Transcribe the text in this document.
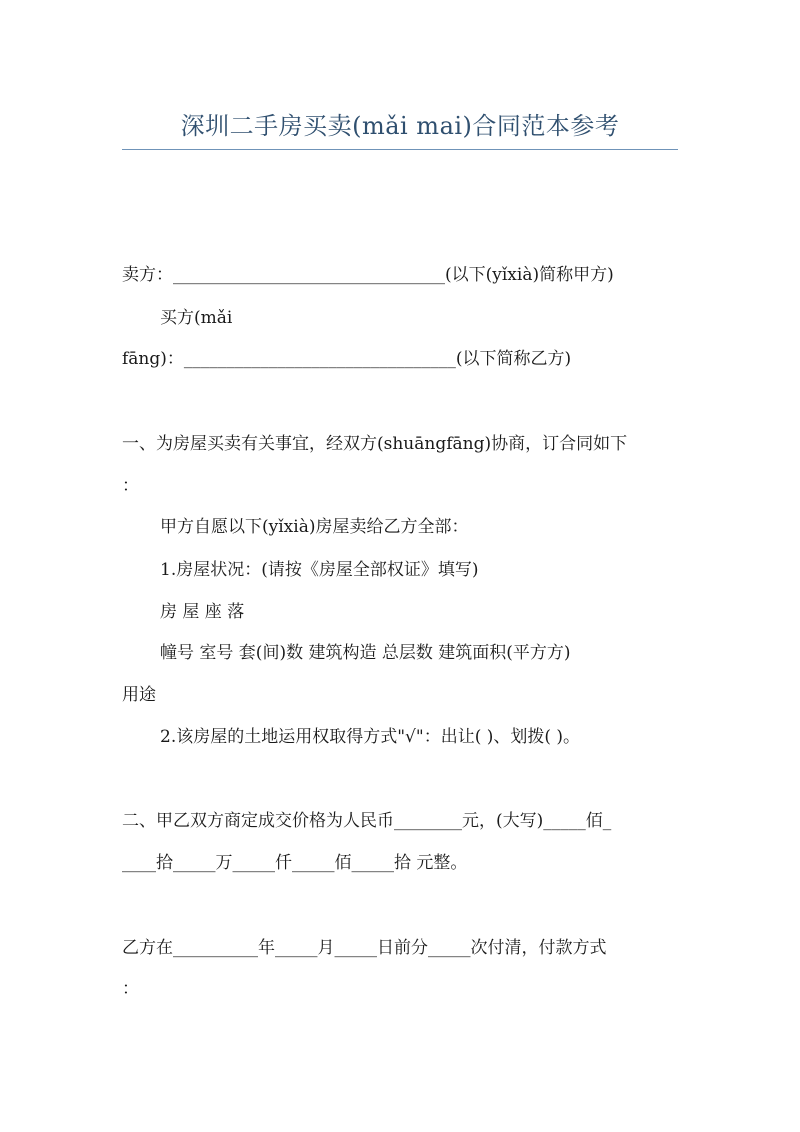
深圳二手房买卖(mǎi mai)合同范本参考
卖方：________________________________(以下(yǐxià)简称甲方)
买方(mǎi
fāng)：________________________________(以下简称乙方)
一、为房屋买卖有关事宜，经双方(shuāngfāng)协商，订合同如下
：
甲方自愿以下(yǐxià)房屋卖给乙方全部：
1.房屋状况：(请按《房屋全部权证》填写)
房 屋 座 落
幢号 室号 套(间)数 建筑构造 总层数 建筑面积(平方方)
用途
2.该房屋的土地运用权取得方式"√"：出让( )、划拨( )。
二、甲乙双方商定成交价格为人民币________元，(大写)_____佰_
____拾_____万_____仟_____佰_____拾 元整。
乙方在__________年_____月_____日前分_____次付清，付款方式
：
